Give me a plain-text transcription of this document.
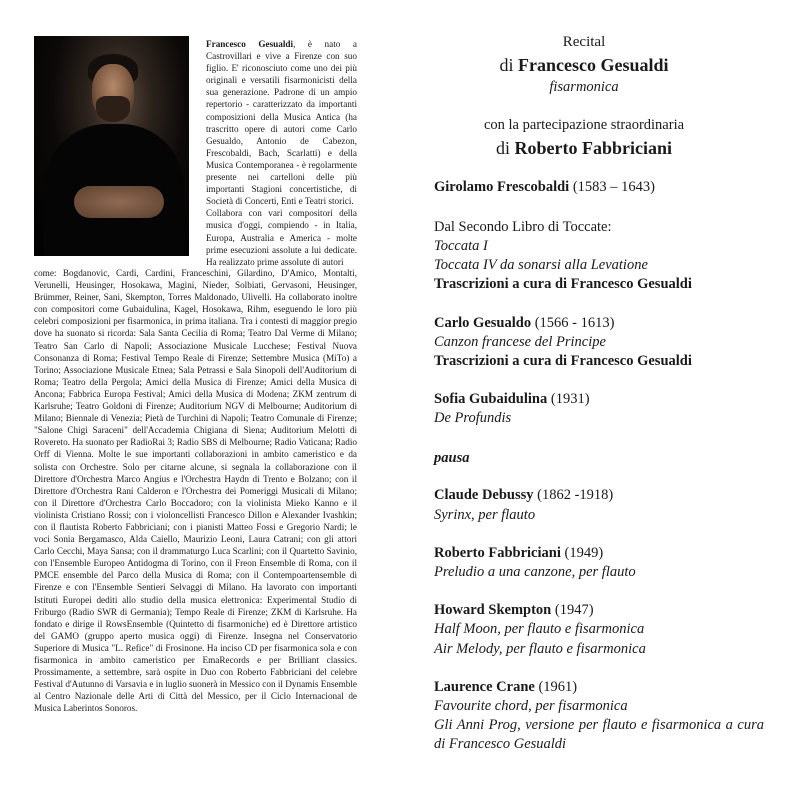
Francesco Gesualdi, è nato a Castrovillari e vive a Firenze con suo figlio. E' riconosciuto come uno dei più originali e versatili fisarmonicisti della sua generazione. Padrone di un ampio repertorio - caratterizzato da importanti composizioni della Musica Antica (ha trascritto opere di autori come Carlo Gesualdo, Antonio de Cabezon, Frescobaldi, Bach, Scarlatti) e della Musica Contemporanea - è regolarmente presente nei cartelloni delle più importanti Stagioni concertistiche, di Società di Concerti, Enti e Teatri storici.

Collabora con vari compositori della musica d'oggi, compiendo - in Italia, Europa, Australia e America - molte prime esecuzioni assolute a lui dedicate. Ha realizzato prime assolute di autori

come: Bogdanovic, Cardi, Cardini, Franceschini, Gilardino, D'Amico, Montalti, Verunelli, Heusinger, Hosokawa, Magini, Nieder, Solbiati, Gervasoni, Heusinger, Brümmer, Reiner, Sani, Skempton, Torres Maldonado, Ulivelli. Ha collaborato inoltre con compositori come Gubaidulina, Kagel, Hosokawa, Rihm, eseguendo le loro più celebri composizioni per fisarmonica, in prima italiana. Tra i contesti di maggior pregio dove ha suonato si ricorda: Sala Santa Cecilia di Roma; Teatro Dal Verme di Milano; Teatro San Carlo di Napoli; Associazione Musicale Lucchese; Festival Nuova Consonanza di Roma; Festival Tempo Reale di Firenze; Settembre Musica (MiTo) a Torino; Associazione Musicale Etnea; Sala Petrassi e Sala Sinopoli dell'Auditorium di Roma; Teatro della Pergola; Amici della Musica di Firenze; Amici della Musica di Ancona; Fabbrica Europa Festival; Amici della Musica di Modena; ZKM zentrum di Karlsruhe; Teatro Goldoni di Firenze; Auditorium NGV di Melbourne; Auditorium di Milano; Biennale di Venezia; Pietà de Turchini di Napoli; Teatro Comunale di Firenze; "Salone Chigi Saraceni" dell'Accademia Chigiana di Siena; Auditorium Melotti di Rovereto. Ha suonato per RadioRai 3; Radio SBS di Melbourne; Radio Vaticana; Radio Orff di Vienna. Molte le sue importanti collaborazioni in ambito cameristico e da solista con Orchestre. Solo per citarne alcune, si segnala la collaborazione con il Direttore d'Orchestra Marco Angius e l'Orchestra Haydn di Trento e Bolzano; con il Direttore d'Orchestra Rani Calderon e l'Orchestra dei Pomeriggi Musicali di Milano; con il Direttore d'Orchestra Carlo Boccadoro; con la violinista Mieko Kanno e il violinista Cristiano Rossi; con i violoncellisti Francesco Dillon e Alexander Ivashkin; con il flautista Roberto Fabbriciani; con i pianisti Matteo Fossi e Gregorio Nardi; le voci Sonia Bergamasco, Alda Caiello, Maurizio Leoni, Laura Catrani; con gli attori Carlo Cecchi, Maya Sansa; con il drammaturgo Luca Scarlini; con il Quartetto Savinio, con l'Ensemble Europeo Antidogma di Torino, con il Freon Ensemble di Roma, con il PMCE ensemble del Parco della Musica di Roma; con il Contempoartensemble di Firenze e con l'Ensemble Sentieri Selvaggi di Milano. Ha lavorato con importanti Istituti Europei dediti allo studio della musica elettronica: Experimental Studio di Friburgo (Radio SWR di Germania); Tempo Reale di Firenze; ZKM di Karlsruhe. Ha fondato e dirige il RowsEnsemble (Quintetto di fisarmoniche) ed è Direttore artistico del GAMO (gruppo aperto musica oggi) di Firenze. Insegna nel Conservatorio Superiore di Musica "L. Refice" di Frosinone. Ha inciso CD per fisarmonica sola e con fisarmonica in ambito cameristico per EmaRecords e per Brilliant classics. Prossimamente, a settembre, sarà ospite in Duo con Roberto Fabbriciani del celebre Festival d'Autunno di Varsavia e in luglio suonerà in Messico con il Dynamis Ensemble al Centro Nazionale delle Arti di Città del Messico, per il Ciclo Internacional de Musica Laberintos Sonoros.

Recital
di Francesco Gesualdi
fisarmonica
con la partecipazione straordinaria
di Roberto Fabbriciani
Girolamo Frescobaldi (1583 – 1643)
Dal Secondo Libro di Toccate:
Toccata I
Toccata IV da sonarsi alla Levatione
Trascrizioni a cura di Francesco Gesualdi
Carlo Gesualdo (1566 - 1613)
Canzon francese del Principe
Trascrizioni a cura di Francesco Gesualdi
Sofia Gubaidulina (1931)
De Profundis
pausa
Claude Debussy (1862 -1918)
Syrinx, per flauto
Roberto Fabbriciani (1949)
Preludio a una canzone, per flauto
Howard Skempton (1947)
Half Moon, per flauto e fisarmonica
Air Melody, per flauto e fisarmonica
Laurence Crane (1961)
Favourite chord, per fisarmonica
Gli Anni Prog, versione per flauto e fisarmonica a cura di Francesco Gesualdi
